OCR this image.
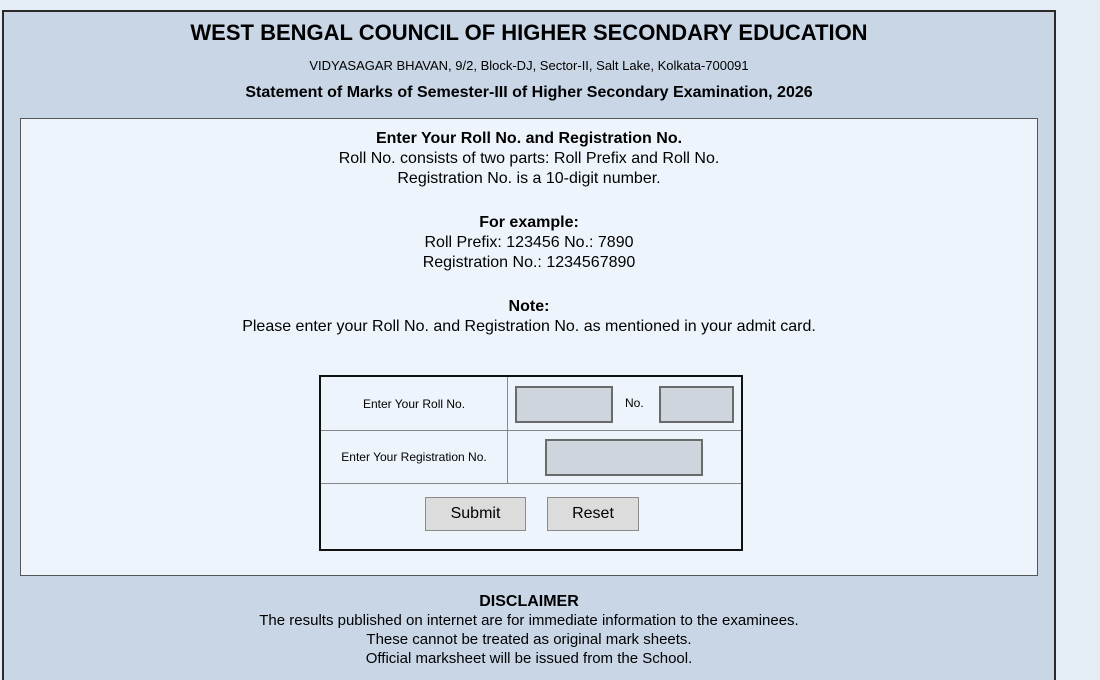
WEST BENGAL COUNCIL OF HIGHER SECONDARY EDUCATION
VIDYASAGAR BHAVAN, 9/2, Block-DJ, Sector-II, Salt Lake, Kolkata-700091
Statement of Marks of Semester-III of Higher Secondary Examination, 2026
Enter Your Roll No. and Registration No.
Roll No. consists of two parts: Roll Prefix and Roll No.
Registration No. is a 10-digit number.
For example:
Roll Prefix: 123456 No.: 7890
Registration No.: 1234567890
Note:
Please enter your Roll No. and Registration No. as mentioned in your admit card.
Enter Your Roll No.	No.
Enter Your Registration No.
Submit	Reset
DISCLAIMER
The results published on internet are for immediate information to the examinees.
These cannot be treated as original mark sheets.
Official marksheet will be issued from the School.
